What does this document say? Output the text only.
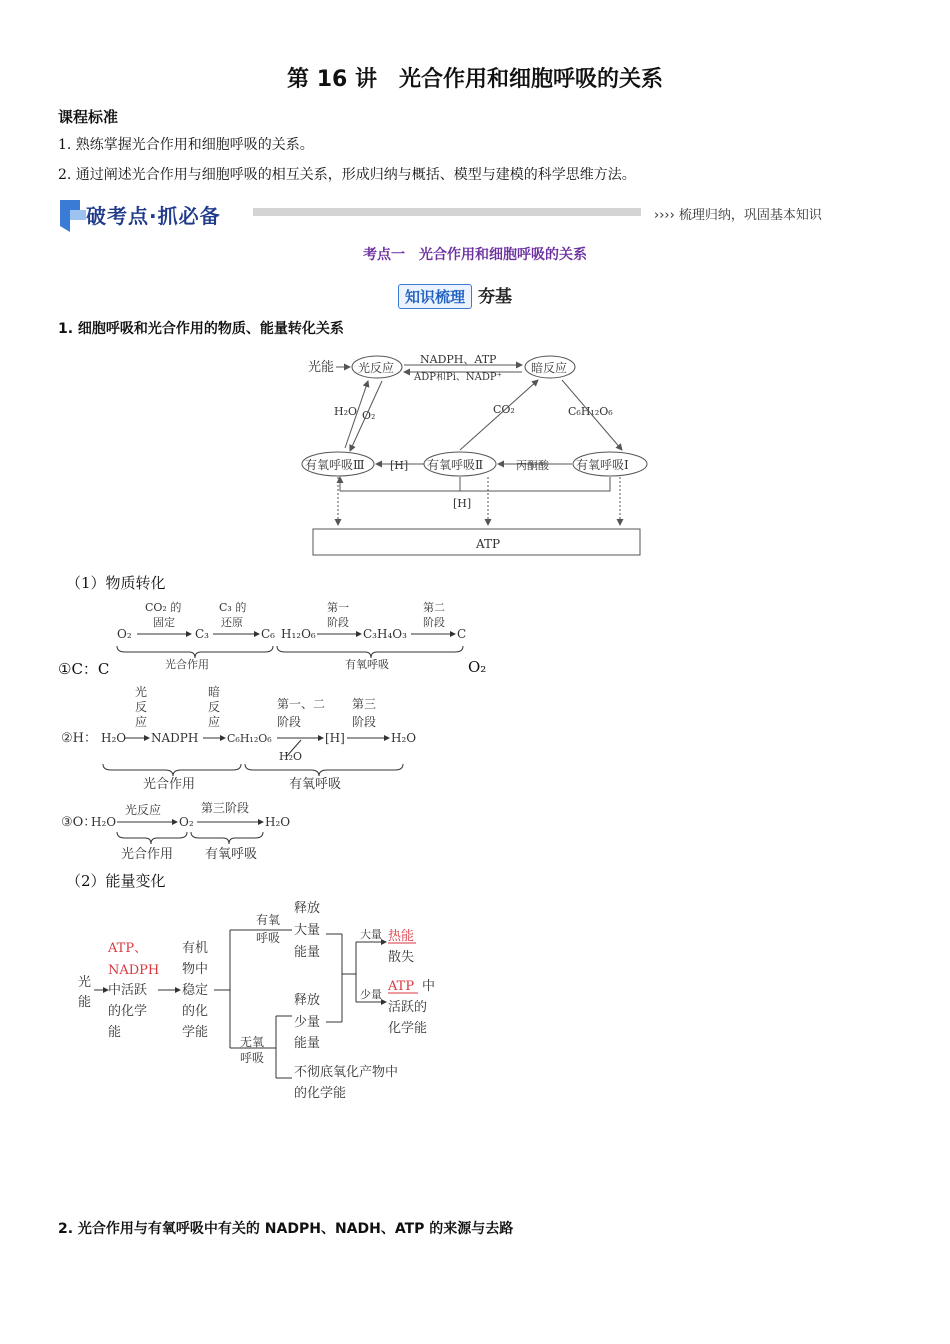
第 16 讲　光合作用和细胞呼吸的关系
课程标准
1. 熟练掌握光合作用和细胞呼吸的关系。
2. 通过阐述光合作用与细胞呼吸的相互关系，形成归纳与概括、模型与建模的科学思维方法。
破考点·抓必备	›››› 梳理归纳，巩固基本知识
考点一　光合作用和细胞呼吸的关系
知识梳理 夯基
1. 细胞呼吸和光合作用的物质、能量转化关系
光能 光反应
NADPH、ATP
ADP和Pi、NADP⁺
暗反应
H₂O O₂	CO₂	C₆H₁₂O₆
有氧呼吸Ⅲ [H] 有氧呼吸Ⅱ	丙酮酸 有氧呼吸Ⅰ
[H]
ATP
（1）物质转化
CO₂ 的
固定
C₃ 的
还原
第一
阶段
第二
阶段
O₂	C₃	C₆ H₁₂O₆	C₃H₄O₃	C
光合作用	有氧呼吸
①C：C	O₂
光
反
应
暗
反
应
第一、二
阶段
第三
阶段
②H： H₂O NADPH	C₆H₁₂O₆
H₂O
[H]	H₂O
光合作用	有氧呼吸
光反应	第三阶段
③O：
H₂O	O₂	H₂O
光合作用 有氧呼吸
（2）能量变化
光
能
ATP、
NADPH
中活跃
的化学
能
有机
物中
稳定
的化
学能
有氧
呼吸
无氧
呼吸
释放
大量
能量
释放
少量
能量
不彻底氧化产物中
的化学能
大量
少量
热能
散失
ATP 中
活跃的
化学能
2. 光合作用与有氧呼吸中有关的 NADPH、NADH、ATP 的来源与去路
